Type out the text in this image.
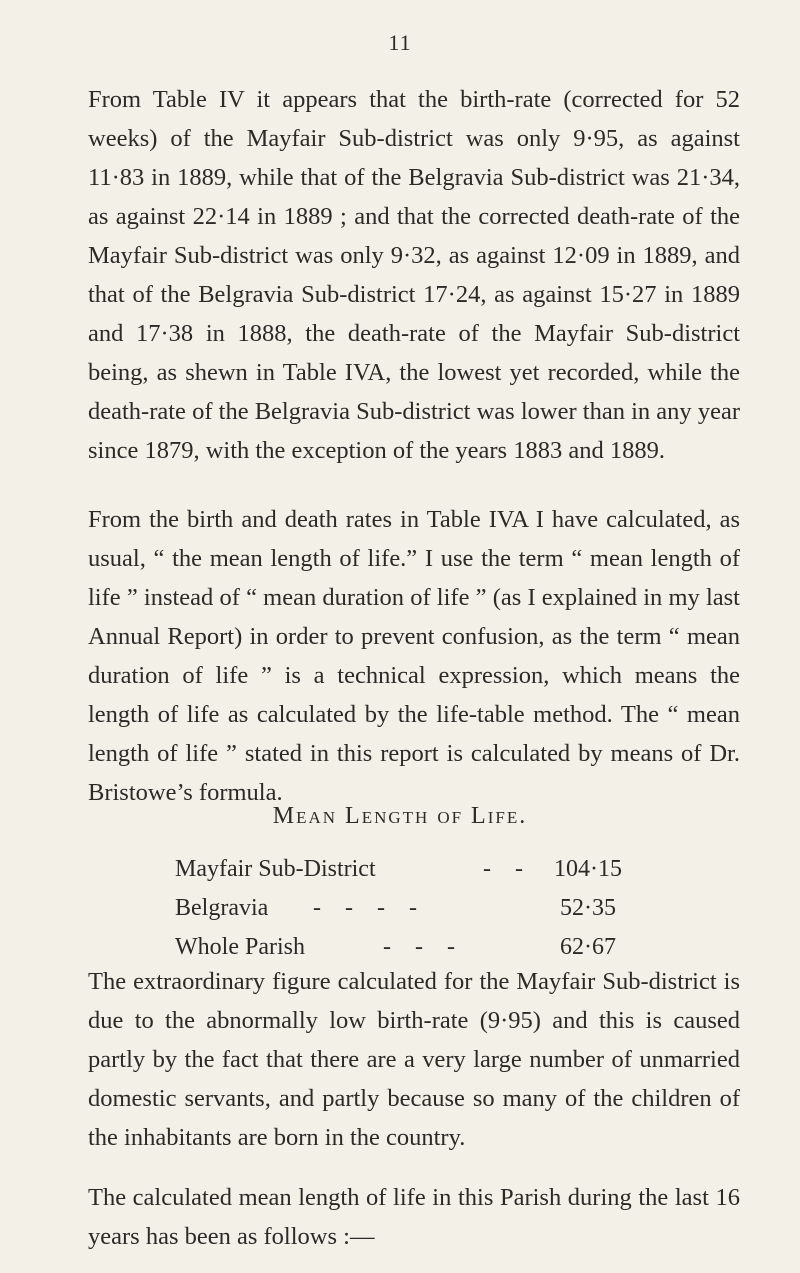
11

From Table IV it appears that the birth-rate (corrected for 52 weeks) of the Mayfair Sub-district was only 9·95, as against 11·83 in 1889, while that of the Belgravia Sub-district was 21·34, as against 22·14 in 1889 ; and that the corrected death-rate of the Mayfair Sub-district was only 9·32, as against 12·09 in 1889, and that of the Belgravia Sub-district 17·24, as against 15·27 in 1889 and 17·38 in 1888, the death-rate of the Mayfair Sub-district being, as shewn in Table IVA, the lowest yet recorded, while the death-rate of the Belgravia Sub-district was lower than in any year since 1879, with the exception of the years 1883 and 1889.

From the birth and death rates in Table IVA I have calculated, as usual, “ the mean length of life.” I use the term “ mean length of life ” instead of “ mean duration of life ” (as I explained in my last Annual Report) in order to prevent confusion, as the term “ mean duration of life ” is a technical expression, which means the length of life as calculated by the life-table method. The “ mean length of life ” stated in this report is calculated by means of Dr. Bristowe’s formula.

Mean Length of Life.
Mayfair Sub-District	-    -	104·15
Belgravia	-    -    -    -	52·35
Whole Parish	-    -    -	62·67

The extraordinary figure calculated for the Mayfair Sub-district is due to the abnormally low birth-rate (9·95) and this is caused partly by the fact that there are a very large number of unmarried domestic servants, and partly because so many of the children of the inhabitants are born in the country.

The calculated mean length of life in this Parish during the last 16 years has been as follows :—
